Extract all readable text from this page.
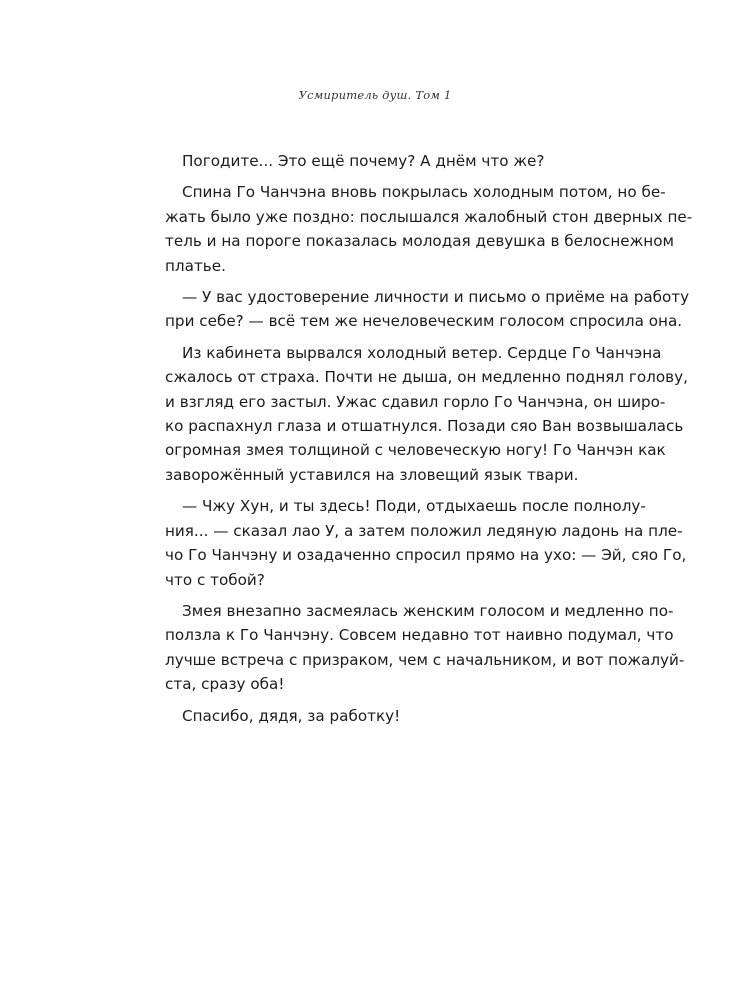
Усмиритель душ. Том 1

Погодите... Это ещё почему? А днём что же?

Спина Го Чанчэна вновь покрылась холодным потом, но бе-
жать было уже поздно: послышался жалобный стон дверных пе-
тель и на пороге показалась молодая девушка в белоснежном
платье.

— У вас удостоверение личности и письмо о приёме на работу
при себе? — всё тем же нечеловеческим голосом спросила она.

Из кабинета вырвался холодный ветер. Сердце Го Чанчэна
сжалось от страха. Почти не дыша, он медленно поднял голову,
и взгляд его застыл. Ужас сдавил горло Го Чанчэна, он широ-
ко распахнул глаза и отшатнулся. Позади сяо Ван возвышалась
огромная змея толщиной с человеческую ногу! Го Чанчэн как
заворожённый уставился на зловещий язык твари.

— Чжу Хун, и ты здесь! Поди, отдыхаешь после полнолу-
ния... — сказал лао У, а затем положил ледяную ладонь на пле-
чо Го Чанчэну и озадаченно спросил прямо на ухо: — Эй, сяо Го,
что с тобой?

Змея внезапно засмеялась женским голосом и медленно по-
ползла к Го Чанчэну. Совсем недавно тот наивно подумал, что
лучше встреча с призраком, чем с начальником, и вот пожалуй-
ста, сразу оба!

Спасибо, дядя, за работку!
